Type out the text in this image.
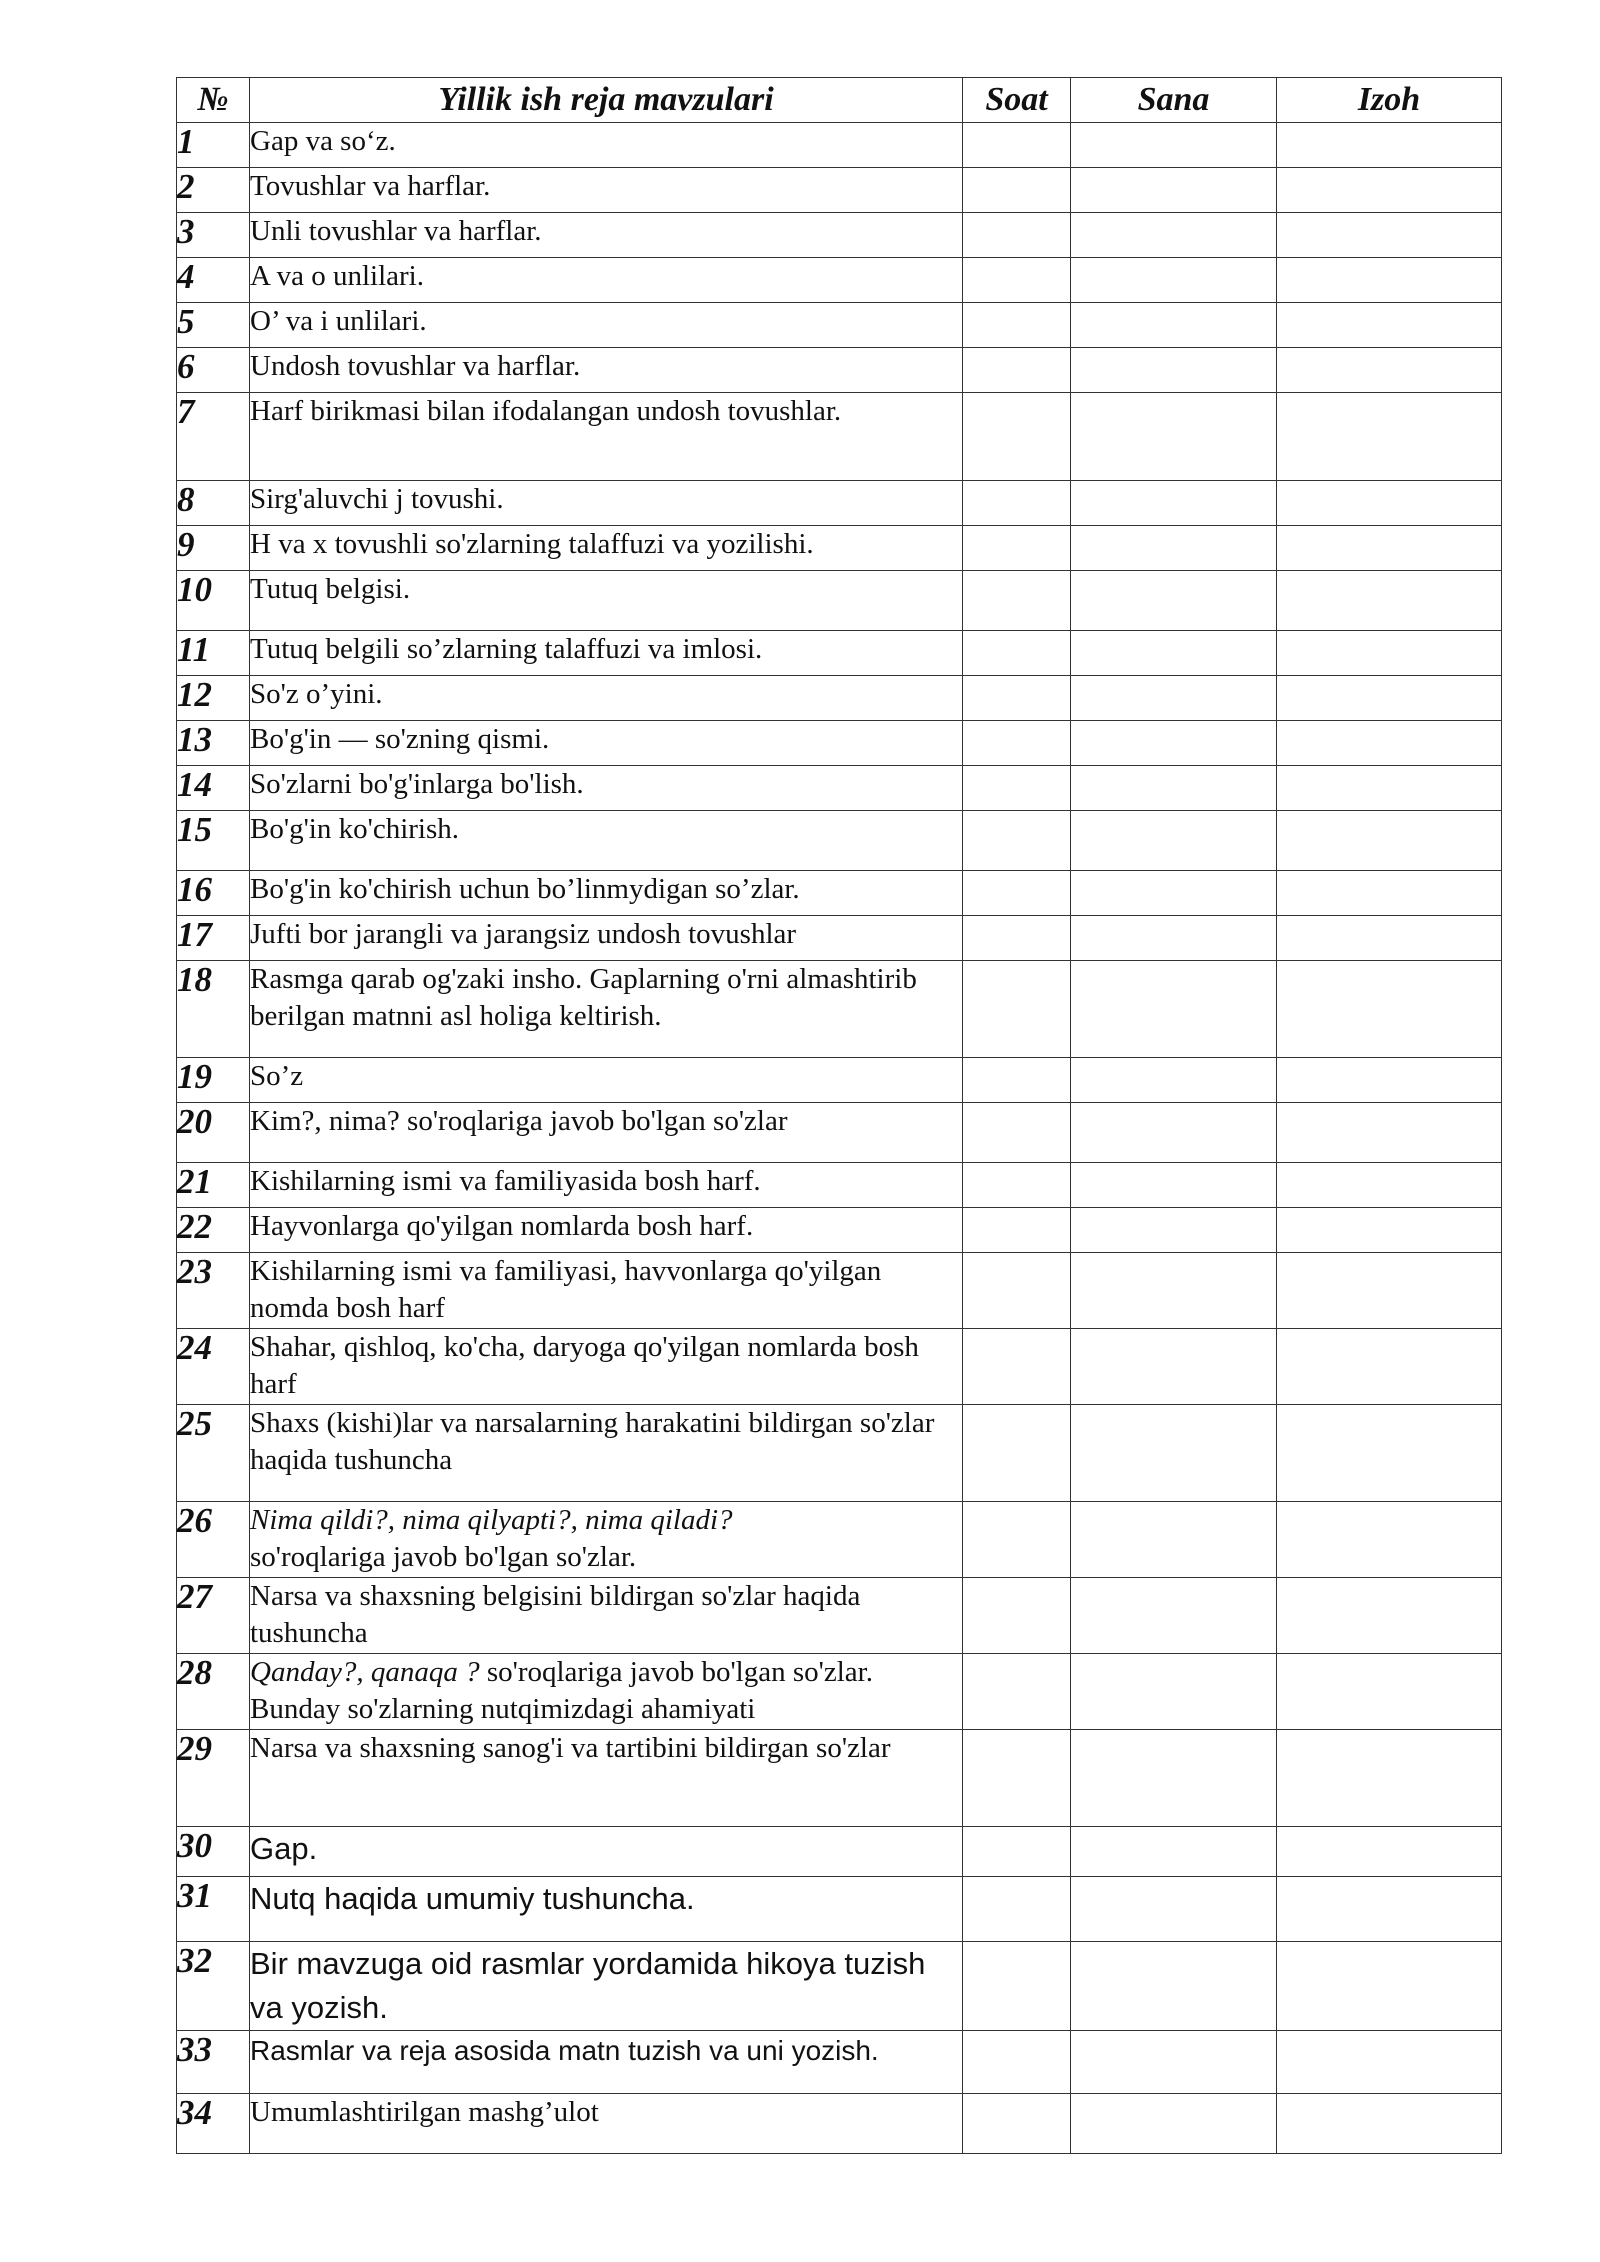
№	Yillik ish reja mavzulari	Soat	Sana	Izoh
1	Gap va so‘z.			
2	Tovushlar va harflar.			
3	Unli tovushlar va harflar.			
4	A va o unlilari.			
5	O’ va i unlilari.			
6	Undosh tovushlar va harflar.			
7	Harf birikmasi bilan ifodalangan undosh tovushlar.			
8	Sirg'aluvchi j tovushi.			
9	H va x tovushli so'zlarning talaffuzi va yozilishi.			
10	Tutuq belgisi.			
11	Tutuq belgili so’zlarning talaffuzi va imlosi.			
12	So'z o’yini.			
13	Bo'g'in — so'zning qismi.			
14	So'zlarni bo'g'inlarga bo'lish.			
15	Bo'g'in ko'chirish.			
16	Bo'g'in ko'chirish uchun bo’linmydigan so’zlar.			
17	Jufti bor jarangli va jarangsiz undosh tovushlar			
18	Rasmga qarab og'zaki insho. Gaplarning o'rni almashtirib berilgan matnni asl holiga keltirish.			
19	So’z			
20	Kim?, nima? so'roqlariga javob bo'lgan so'zlar			
21	Kishilarning ismi va familiyasida bosh harf.			
22	Hayvonlarga qo'yilgan nomlarda bosh harf.			
23	Kishilarning ismi va familiyasi, havvonlarga qo'yilgan nomda bosh harf			
24	Shahar, qishloq, ko'cha, daryoga qo'yilgan nomlarda bosh harf			
25	Shaxs (kishi)lar va narsalarning harakatini bildirgan so'zlar haqida tushuncha			
26	Nima qildi?, nima qilyapti?, nima qiladi?
so'roqlariga javob bo'lgan so'zlar.			
27	Narsa va shaxsning belgisini bildirgan so'zlar haqida tushuncha			
28	Qanday?, qanaqa ? so'roqlariga javob bo'lgan so'zlar. Bunday so'zlarning nutqimizdagi ahamiyati			
29	Narsa va shaxsning sanog'i va tartibini bildirgan so'zlar			
30	Gap.			
31	Nutq haqida umumiy tushuncha.			
32	Bir mavzuga oid rasmlar yordamida hikoya tuzish va yozish.			
33	Rasmlar va reja asosida matn tuzish va uni yozish.			
34	Umumlashtirilgan mashg’ulot			
